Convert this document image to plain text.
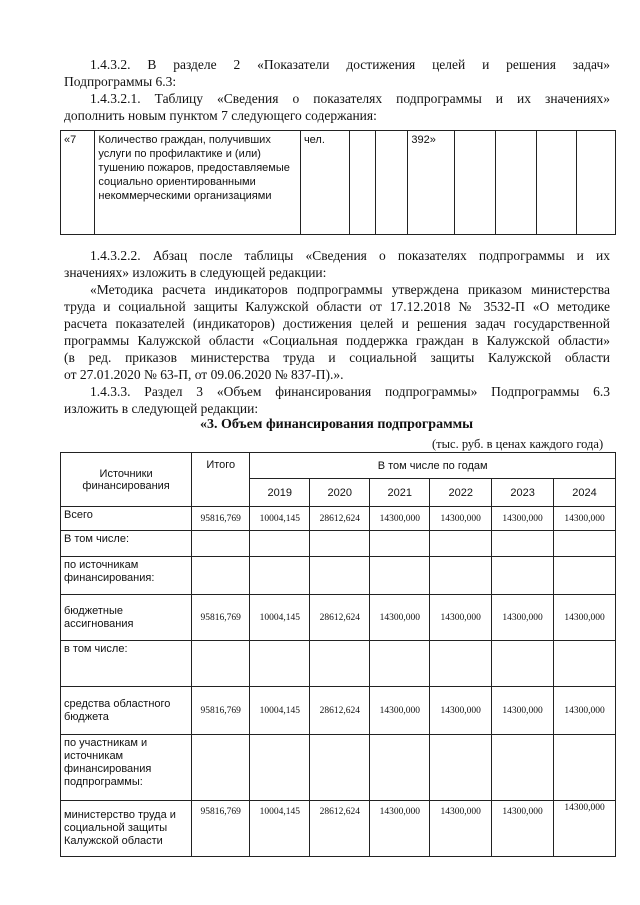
1.4.3.2. В разделе 2 «Показатели достижения целей и решения задач»
Подпрограммы 6.3:
1.4.3.2.1. Таблицу «Сведения о показателях подпрограммы и их значениях»
дополнить новым пунктом 7 следующего содержания:
«7	Количество граждан, получивших услуги по профилактике и (или) тушению пожаров, предоставляемые социально ориентированными некоммерческими организациями	чел.			392»				
1.4.3.2.2. Абзац после таблицы «Сведения о показателях подпрограммы и их
значениях» изложить в следующей редакции:
«Методика расчета индикаторов подпрограммы утверждена приказом министерства
труда и социальной защиты Калужской области от 17.12.2018 № 3532-П «О методике
расчета показателей (индикаторов) достижения целей и решения задач государственной
программы Калужской области «Социальная поддержка граждан в Калужской области»
(в ред. приказов министерства труда и социальной защиты Калужской области
от 27.01.2020 № 63-П, от 09.06.2020 № 837-П).».
1.4.3.3. Раздел 3 «Объем финансирования подпрограммы» Подпрограммы 6.3
изложить в следующей редакции:
«3. Объем финансирования подпрограммы
(тыс. руб. в ценах каждого года)
Источники финансирования	Итого	В том числе по годам					
		2019	2020	2021	2022	2023	2024
Всего	95816,769	10004,145	28612,624	14300,000	14300,000	14300,000	14300,000
В том числе:							
по источникам финансирования:							
бюджетные ассигнования	95816,769	10004,145	28612,624	14300,000	14300,000	14300,000	14300,000
в том числе:							
средства областного бюджета	95816,769	10004,145	28612,624	14300,000	14300,000	14300,000	14300,000
по участникам и источникам финансирования подпрограммы:							
министерство труда и социальной защиты Калужской области	95816,769	10004,145	28612,624	14300,000	14300,000	14300,000	14300,000
